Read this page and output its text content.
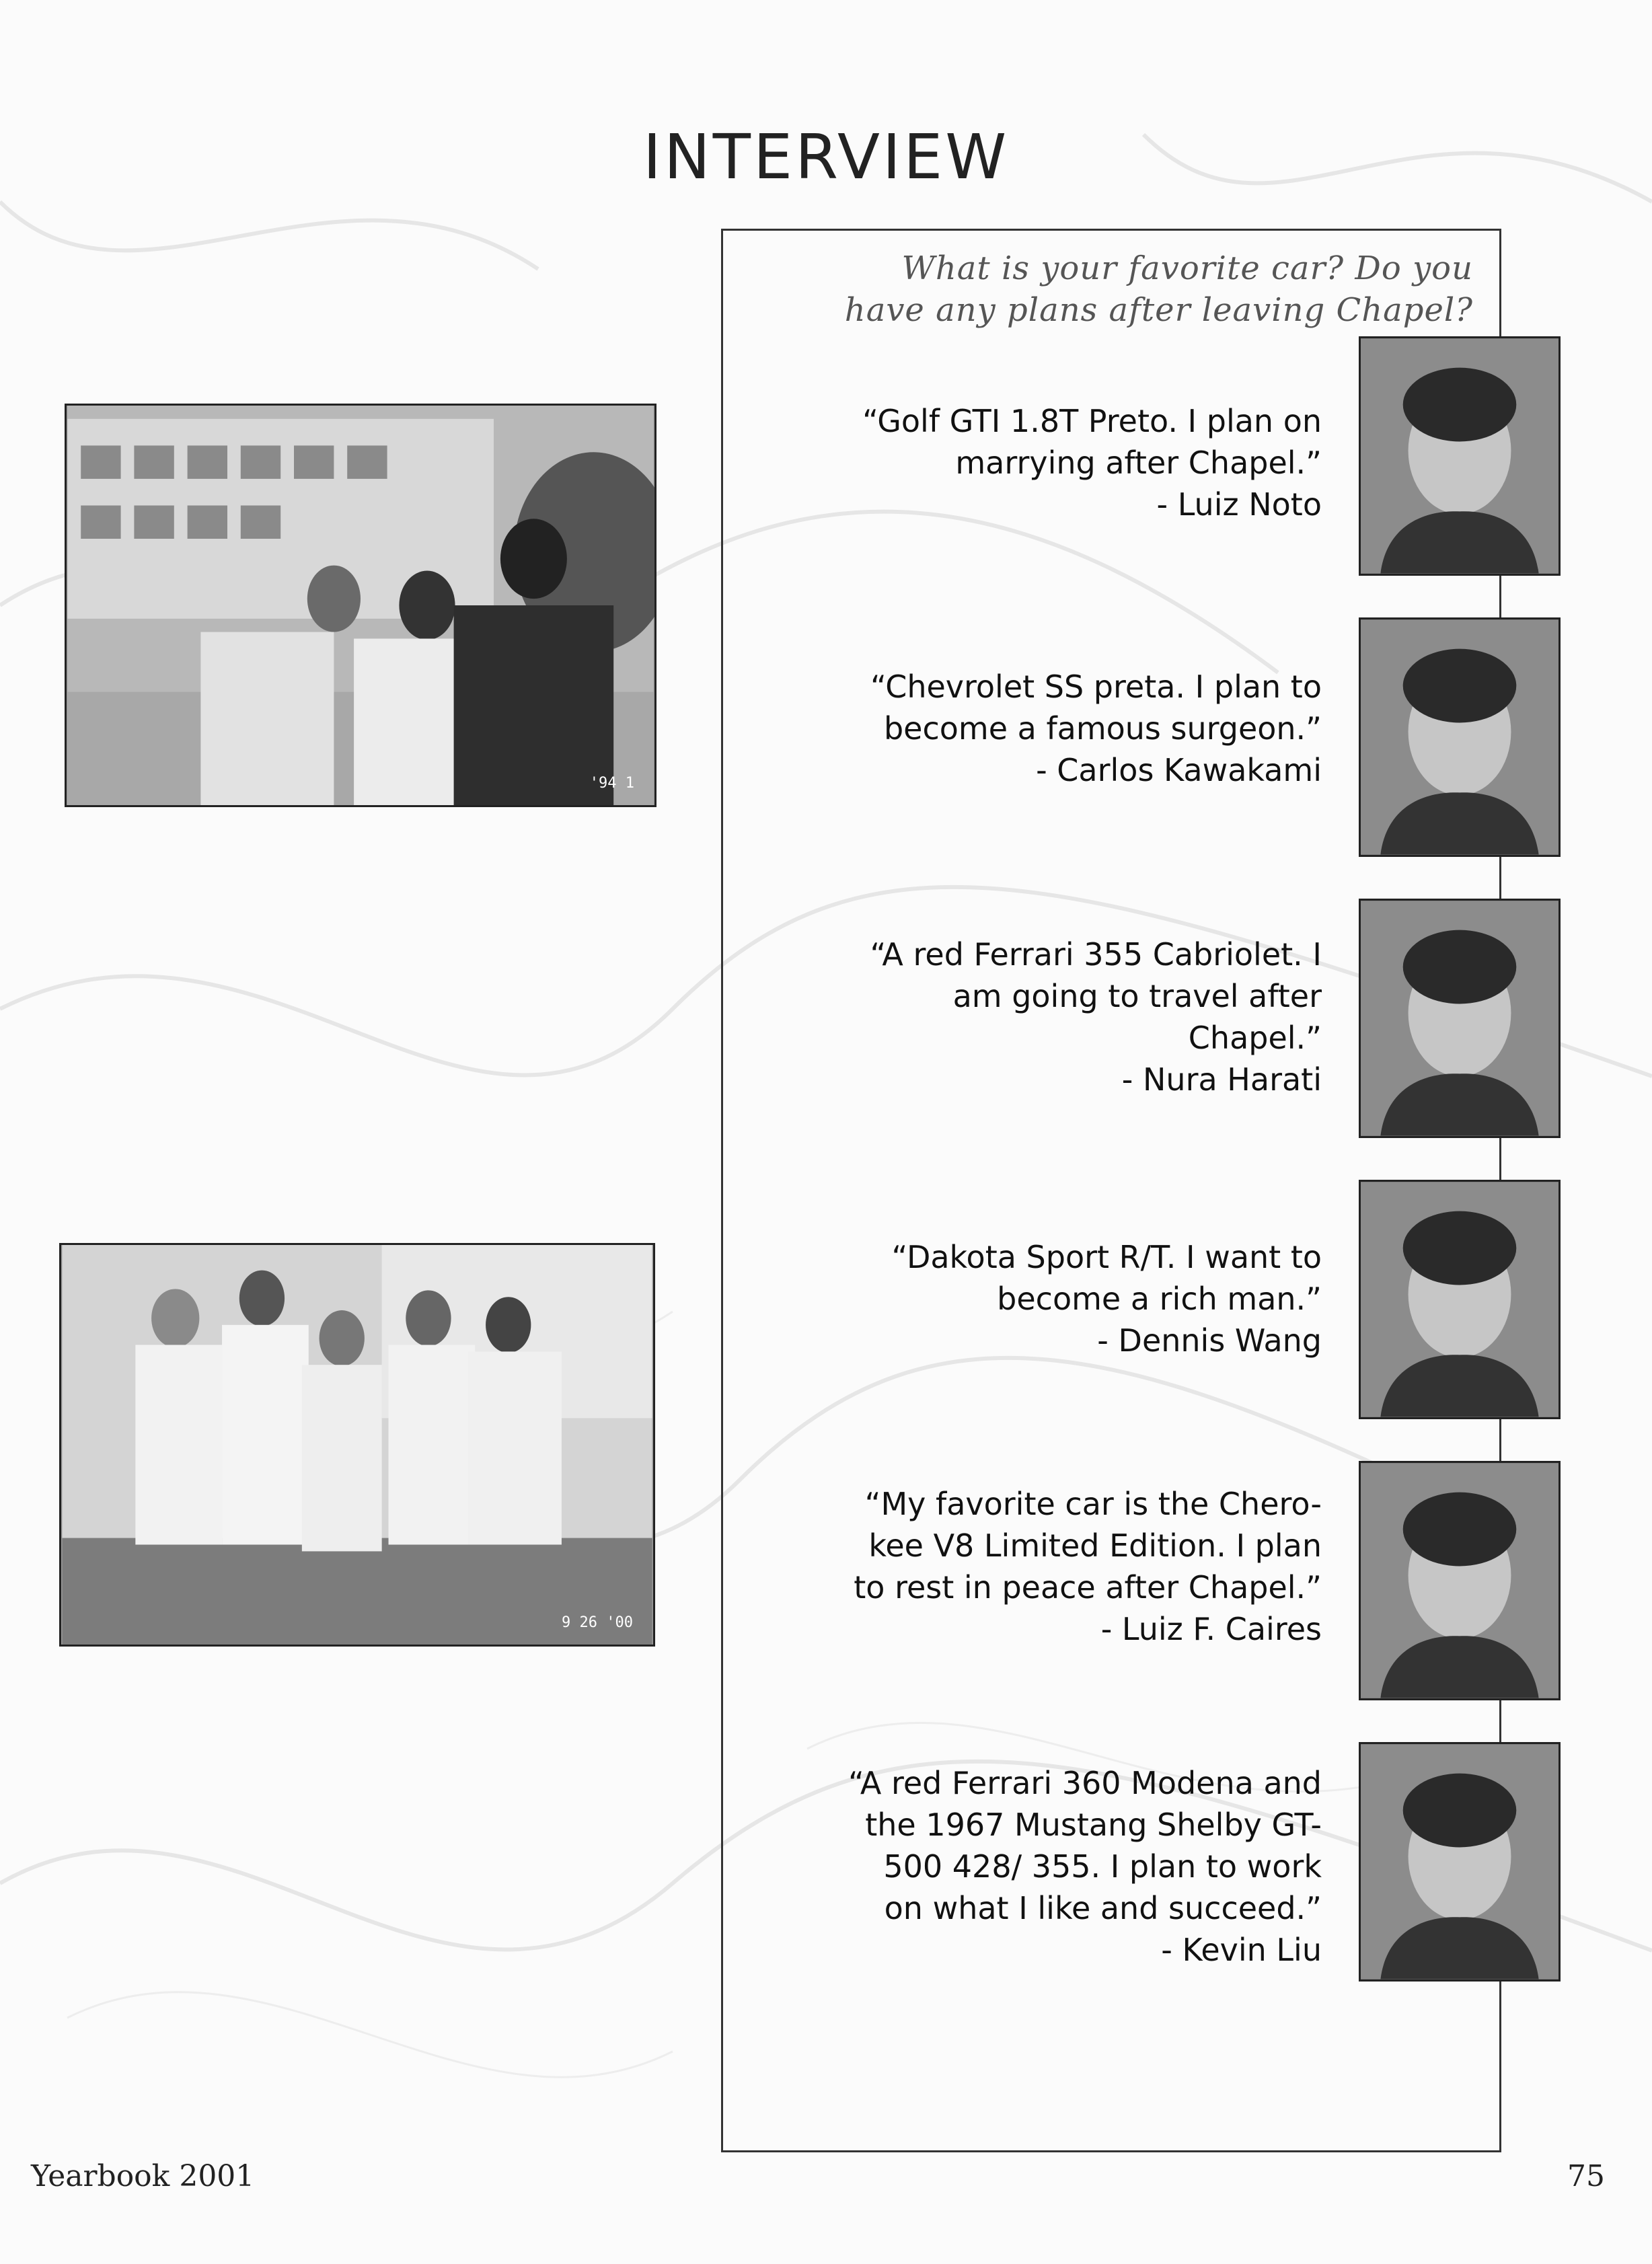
INTERVIEW
What is your favorite car? Do you
have any plans after leaving Chapel?
'94 1
9 26 '00
“Golf GTI 1.8T Preto. I plan on
marrying after Chapel.”
- Luiz Noto
“Chevrolet SS preta. I plan to
become a famous surgeon.”
- Carlos Kawakami
“A red Ferrari 355 Cabriolet. I
am going to travel after
Chapel.”
- Nura Harati
“Dakota Sport R/T. I want to
become a rich man.”
- Dennis Wang
“My favorite car is the Chero-
kee V8 Limited Edition. I plan
to rest in peace after Chapel.”
- Luiz F. Caires
“A red Ferrari 360 Modena and
the 1967 Mustang Shelby GT-
500 428/ 355. I plan to work
on what I like and succeed.”
- Kevin Liu
Yearbook 2001	75
